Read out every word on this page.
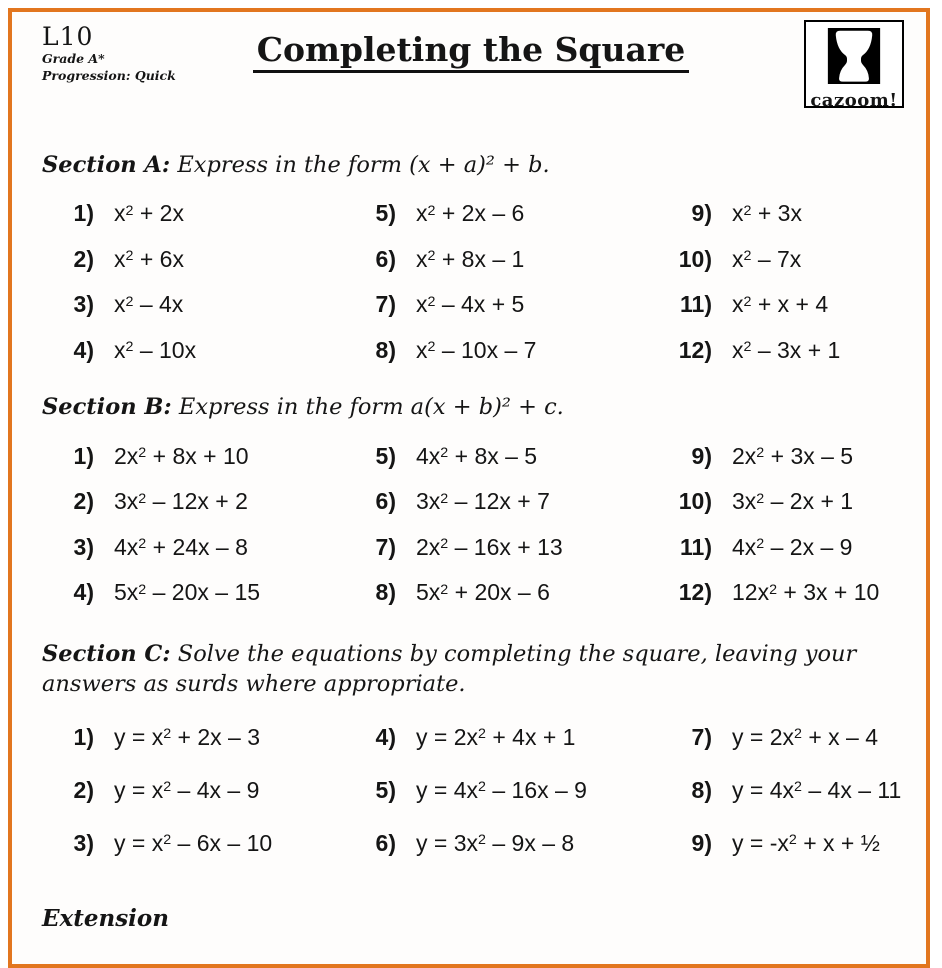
L10
Grade A*
Progression: Quick
Completing the Square
cazoom!
Section A: Express in the form (x + a)² + b.
1) $x^2 + 2x$
2) $x^2 + 6x$
3) $x^2 - 4x$
4) $x^2 - 10x$
5) $x^2 + 2x - 6$
6) $x^2 + 8x - 1$
7) $x^2 - 4x + 5$
8) $x^2 - 10x - 7$
9) $x^2 + 3x$
10) $x^2 - 7x$
11) $x^2 + x + 4$
12) $x^2 - 3x + 1$
Section B: Express in the form a(x + b)² + c.
1) $2x^2 + 8x + 10$
2) $3x^2 - 12x + 2$
3) $4x^2 + 24x - 8$
4) $5x^2 - 20x - 15$
5) $4x^2 + 8x - 5$
6) $3x^2 - 12x + 7$
7) $2x^2 - 16x + 13$
8) $5x^2 + 20x - 6$
9) $2x^2 + 3x - 5$
10) $3x^2 - 2x + 1$
11) $4x^2 - 2x - 9$
12) $12x^2 + 3x + 10$
Section C: Solve the equations by completing the square, leaving your answers as surds where appropriate.
1) $y = x^2 + 2x - 3$
2) $y = x^2 - 4x - 9$
3) $y = x^2 - 6x - 10$
4) $y = 2x^2 + 4x + 1$
5) $y = 4x^2 - 16x - 9$
6) $y = 3x^2 - 9x - 8$
7) $y = 2x^2 + x - 4$
8) $y = 4x^2 - 4x - 11$
9) $y = -x^2 + x$ + ½
Extension
